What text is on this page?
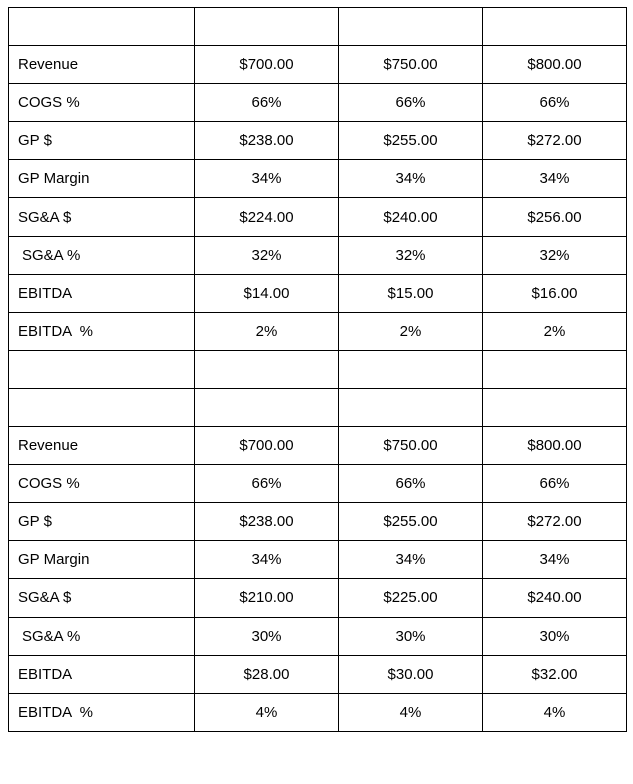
Revenue	$700.00	$750.00	$800.00
COGS %	66%	66%	66%
GP $	$238.00	$255.00	$272.00
GP Margin	34%	34%	34%
SG&A $	$224.00	$240.00	$256.00
SG&A %	32%	32%	32%
EBITDA	$14.00	$15.00	$16.00
EBITDA  %	2%	2%	2%

Revenue	$700.00	$750.00	$800.00
COGS %	66%	66%	66%
GP $	$238.00	$255.00	$272.00
GP Margin	34%	34%	34%
SG&A $	$210.00	$225.00	$240.00
SG&A %	30%	30%	30%
EBITDA	$28.00	$30.00	$32.00
EBITDA  %	4%	4%	4%
